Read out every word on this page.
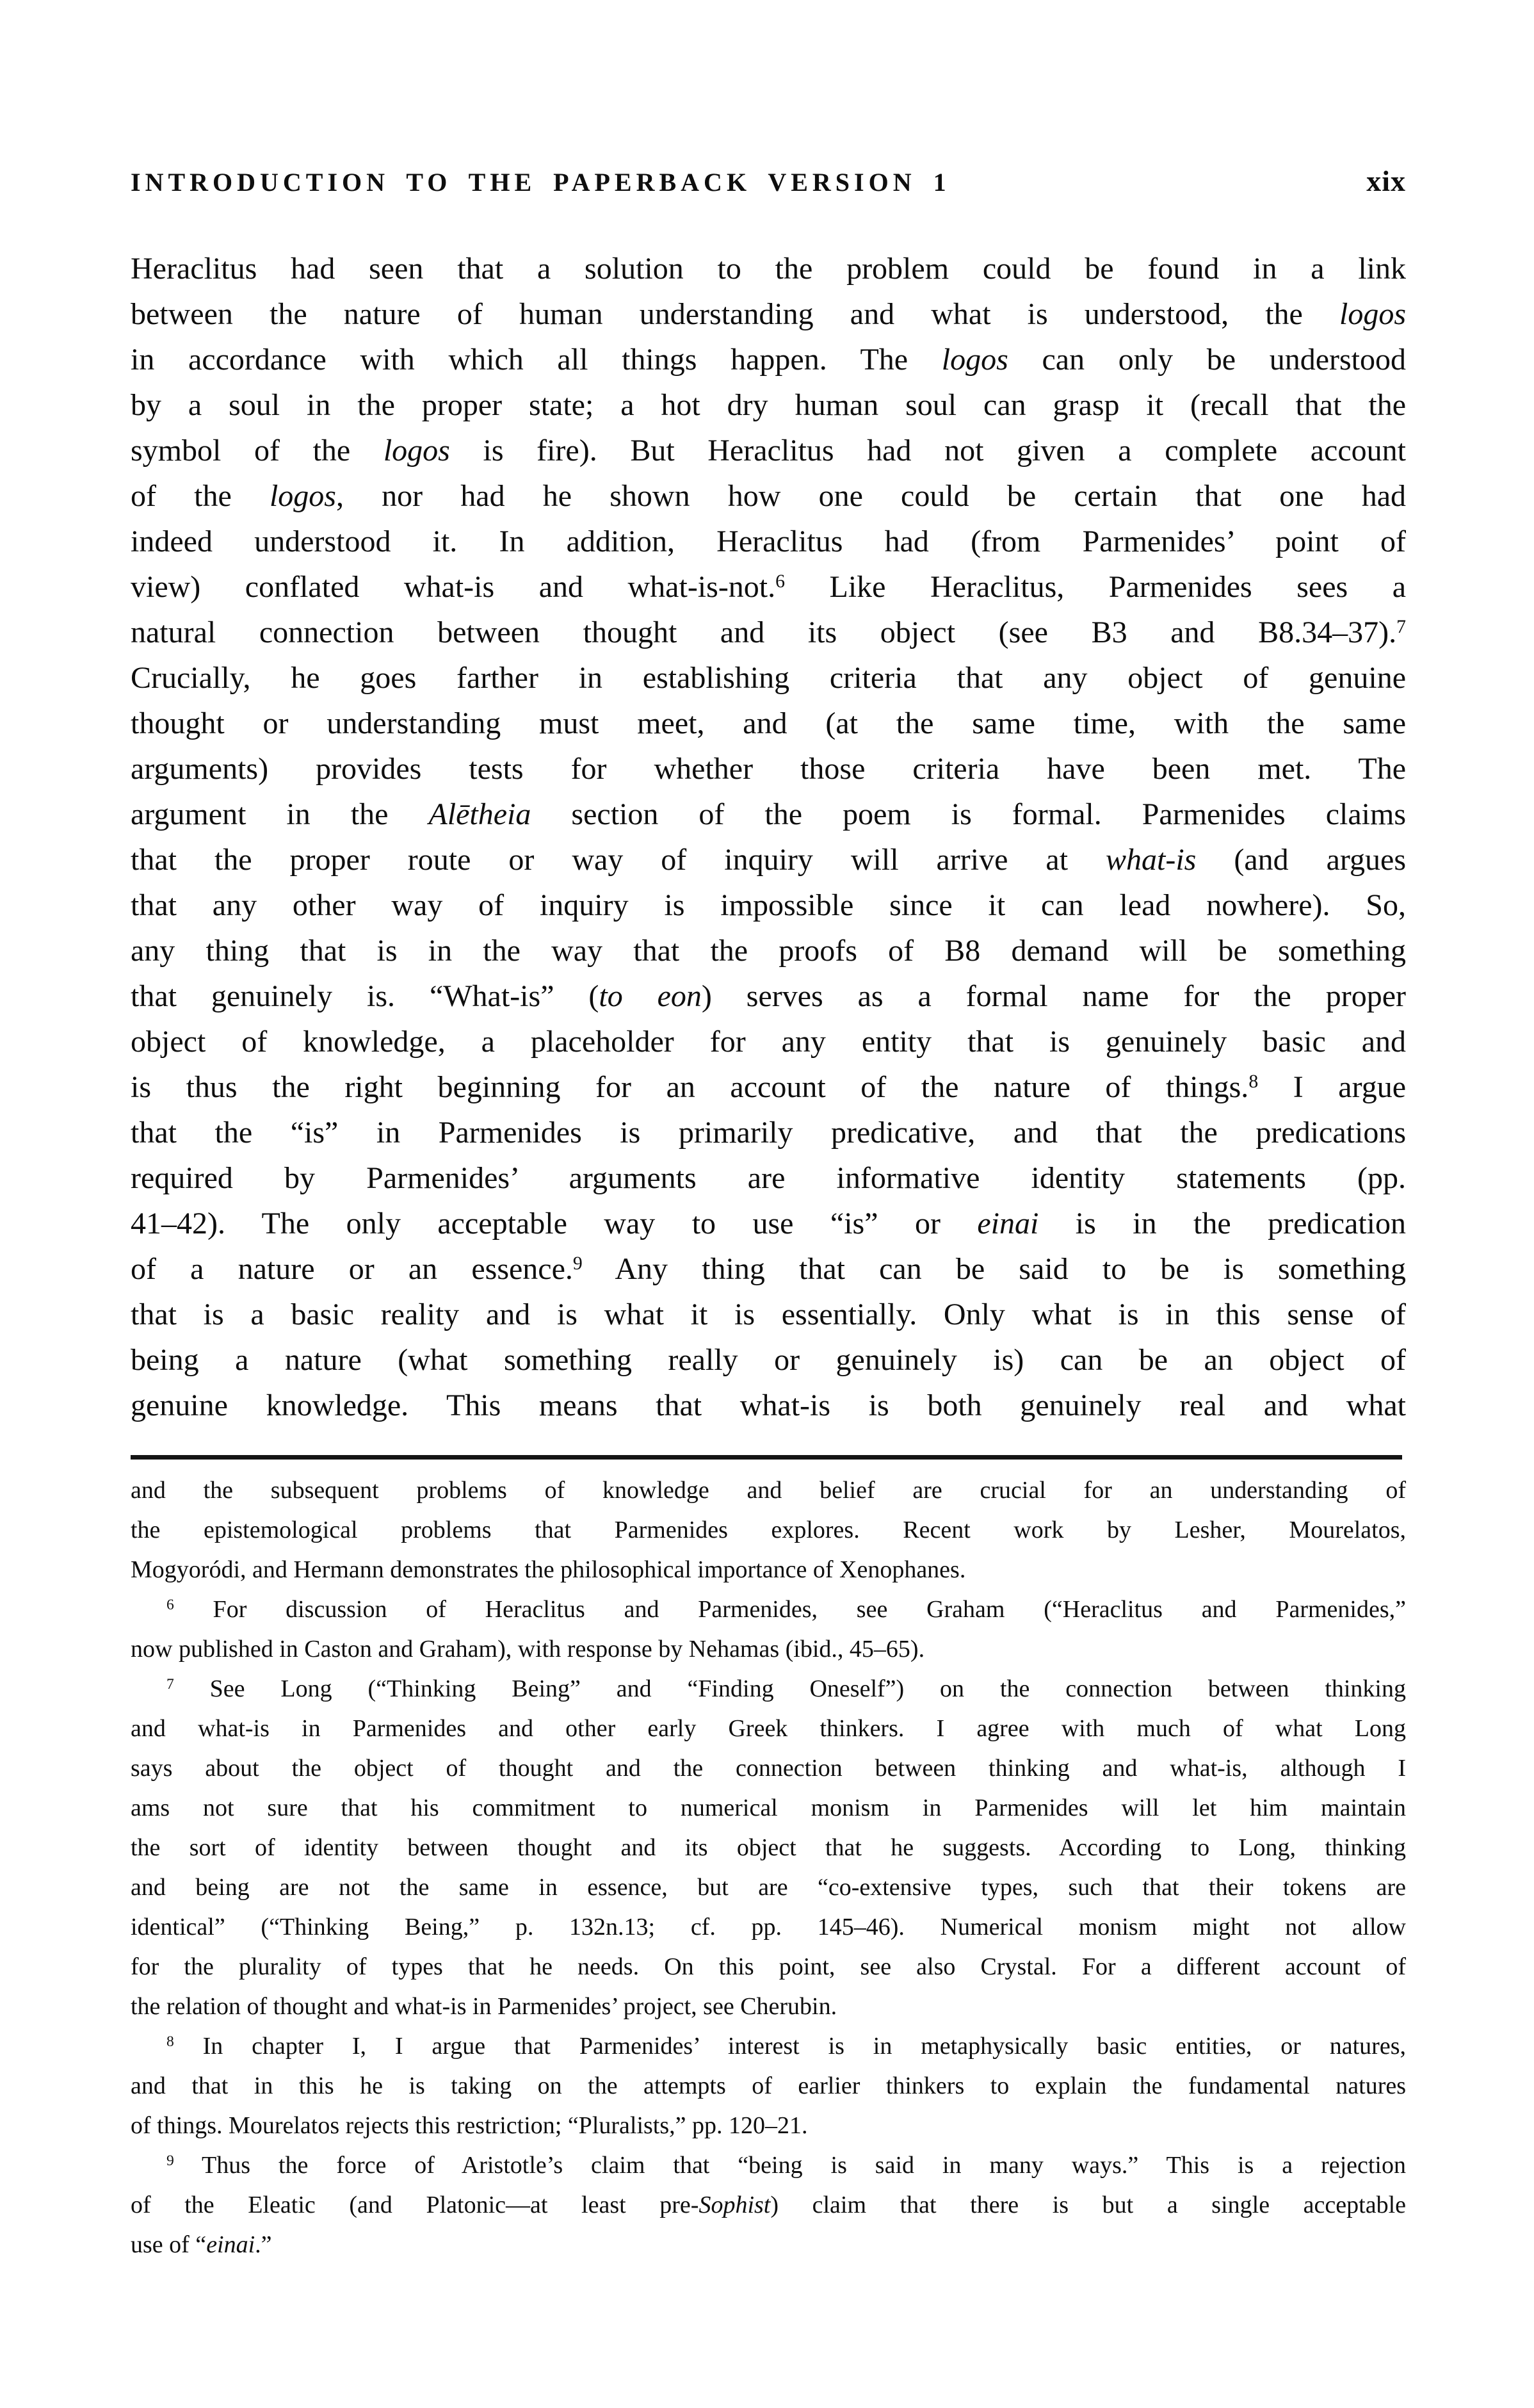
INTRODUCTION TO THE PAPERBACK VERSION 1	xix
Heraclitus had seen that a solution to the problem could be found in a link
between the nature of human understanding and what is understood, the logos
in accordance with which all things happen. The logos can only be understood
by a soul in the proper state; a hot dry human soul can grasp it (recall that the
symbol of the logos is fire). But Heraclitus had not given a complete account
of the logos, nor had he shown how one could be certain that one had
indeed understood it. In addition, Heraclitus had (from Parmenides’ point of
view) conflated what-is and what-is-not.$^6$ Like Heraclitus, Parmenides sees a
natural connection between thought and its object (see B3 and B8.34–37).$^7$
Crucially, he goes farther in establishing criteria that any object of genuine
thought or understanding must meet, and (at the same time, with the same
arguments) provides tests for whether those criteria have been met. The
argument in the Alētheia section of the poem is formal. Parmenides claims
that the proper route or way of inquiry will arrive at what-is (and argues
that any other way of inquiry is impossible since it can lead nowhere). So,
any thing that is in the way that the proofs of B8 demand will be something
that genuinely is. “What-is” (to eon) serves as a formal name for the proper
object of knowledge, a placeholder for any entity that is genuinely basic and
is thus the right beginning for an account of the nature of things.$^8$ I argue
that the “is” in Parmenides is primarily predicative, and that the predications
required by Parmenides’ arguments are informative identity statements (pp.
41–42). The only acceptable way to use “is” or einai is in the predication
of a nature or an essence.$^9$ Any thing that can be said to be is something
that is a basic reality and is what it is essentially. Only what is in this sense of
being a nature (what something really or genuinely is) can be an object of
genuine knowledge. This means that what-is is both genuinely real and what
and the subsequent problems of knowledge and belief are crucial for an understanding of
the epistemological problems that Parmenides explores. Recent work by Lesher, Mourelatos,
Mogyoródi, and Hermann demonstrates the philosophical importance of Xenophanes.
$^6$ For discussion of Heraclitus and Parmenides, see Graham (“Heraclitus and Parmenides,”
now published in Caston and Graham), with response by Nehamas (ibid., 45–65).
$^7$ See Long (“Thinking Being” and “Finding Oneself”) on the connection between thinking
and what-is in Parmenides and other early Greek thinkers. I agree with much of what Long
says about the object of thought and the connection between thinking and what-is, although I
ams not sure that his commitment to numerical monism in Parmenides will let him maintain
the sort of identity between thought and its object that he suggests. According to Long, thinking
and being are not the same in essence, but are “co-extensive types, such that their tokens are
identical” (“Thinking Being,” p. 132n.13; cf. pp. 145–46). Numerical monism might not allow
for the plurality of types that he needs. On this point, see also Crystal. For a different account of
the relation of thought and what-is in Parmenides’ project, see Cherubin.
$^8$ In chapter I, I argue that Parmenides’ interest is in metaphysically basic entities, or natures,
and that in this he is taking on the attempts of earlier thinkers to explain the fundamental natures
of things. Mourelatos rejects this restriction; “Pluralists,” pp. 120–21.
$^9$ Thus the force of Aristotle’s claim that “being is said in many ways.” This is a rejection
of the Eleatic (and Platonic—at least pre-Sophist) claim that there is but a single acceptable
use of “einai.”
